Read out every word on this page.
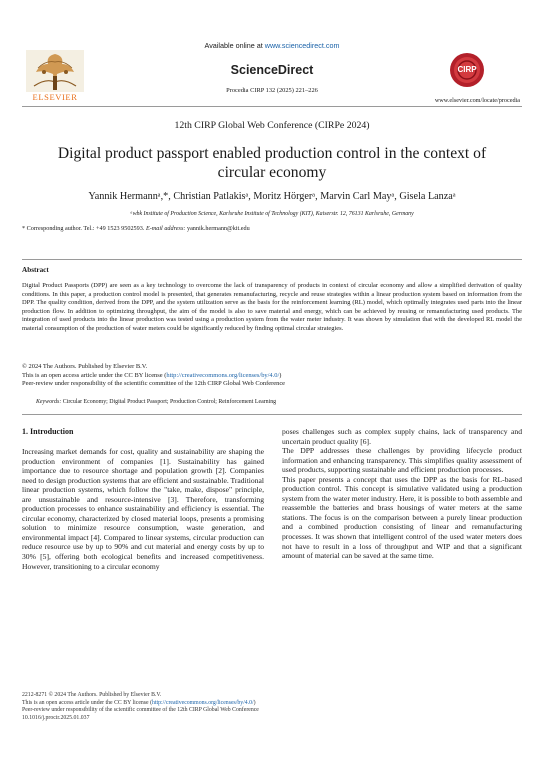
Available online at www.sciencedirect.com
ELSEVIER
ScienceDirect
Procedia CIRP 132 (2025) 221–226
CIRP
www.elsevier.com/locate/procedia
12th CIRP Global Web Conference (CIRPe 2024)
Digital product passport enabled production control in the context of circular economy
Yannik Hermannᵃ,*, Christian Patlakisᵃ, Moritz Hörgerᵃ, Marvin Carl Mayᵃ, Gisela Lanzaᵃ
ᵃwbk Institute of Production Science, Karlsruhe Institute of Technology (KIT), Kaiserstr. 12, 76131 Karlsruhe, Germany
* Corresponding author. Tel.: +49 1523 9502593. E-mail address: yannik.hermann@kit.edu
Abstract
Digital Product Passports (DPP) are seen as a key technology to overcome the lack of transparency of products in context of circular economy and allow a simplified derivation of quality conditions. In this paper, a production control model is presented, that generates remanufacturing, recycle and reuse strategies within a linear production system based on information from the DPP. The quality condition, derived from the DPP, and the system utilization serve as the basis for the reinforcement learning (RL) model, which optimally integrates used parts into the linear production flow. In addition to optimizing throughput, the aim of the model is also to save material and energy, which can be achieved by reusing or remanufacturing used products. The integration of used products into the linear production was tested using a production system from the water meter industry. It was shown by simulation that with the developed RL model the material consumption of the production of water meters could be significantly reduced by finding optimal circular strategies.
© 2024 The Authors. Published by Elsevier B.V.
This is an open access article under the CC BY license (http://creativecommons.org/licenses/by/4.0/)
Peer-review under responsibility of the scientific committee of the 12th CIRP Global Web Conference
Keywords: Circular Economy; Digital Product Passport; Production Control; Reinforcement Learning
1. Introduction

Increasing market demands for cost, quality and sustainability are shaping the production environment of companies [1]. Sustainability has gained importance due to resource shortage and population growth [2]. Companies need to design production systems that are efficient and sustainable. Traditional linear production systems, which follow the "take, make, dispose" principle, are unsustainable and resource-intensive [3]. Therefore, transforming production processes to enhance sustainability and efficiency is essential. The circular economy, characterized by closed material loops, presents a promising solution to minimize resource consumption, waste generation, and environmental impact [4]. Compared to linear systems, circular production can reduce resource use by up to 90% and cut material and energy costs by up to 30% [5], offering both ecological benefits and increased competitiveness. However, transitioning to a circular economy

poses challenges such as complex supply chains, lack of transparency and uncertain product quality [6].

The DPP addresses these challenges by providing lifecycle product information and enhancing transparency. This simplifies quality assessment of used products, supporting sustainable and efficient production processes.

This paper presents a concept that uses the DPP as the basis for RL-based production control. This concept is simulative validated using a production system from the water meter industry. Here, it is possible to both assemble and reassemble the batteries and brass housings of water meters at the same stations. The focus is on the comparison between a purely linear production and a combined production consisting of linear and remanufacturing processes. It was shown that intelligent control of the used water meters does not have to result in a loss of throughput and WIP and that a significant amount of material can be saved at the same time.

2212-8271 © 2024 The Authors. Published by Elsevier B.V.
This is an open access article under the CC BY license (http://creativecommons.org/licenses/by/4.0/)
Peer-review under responsibility of the scientific committee of the 12th CIRP Global Web Conference
10.1016/j.procir.2025.01.037
